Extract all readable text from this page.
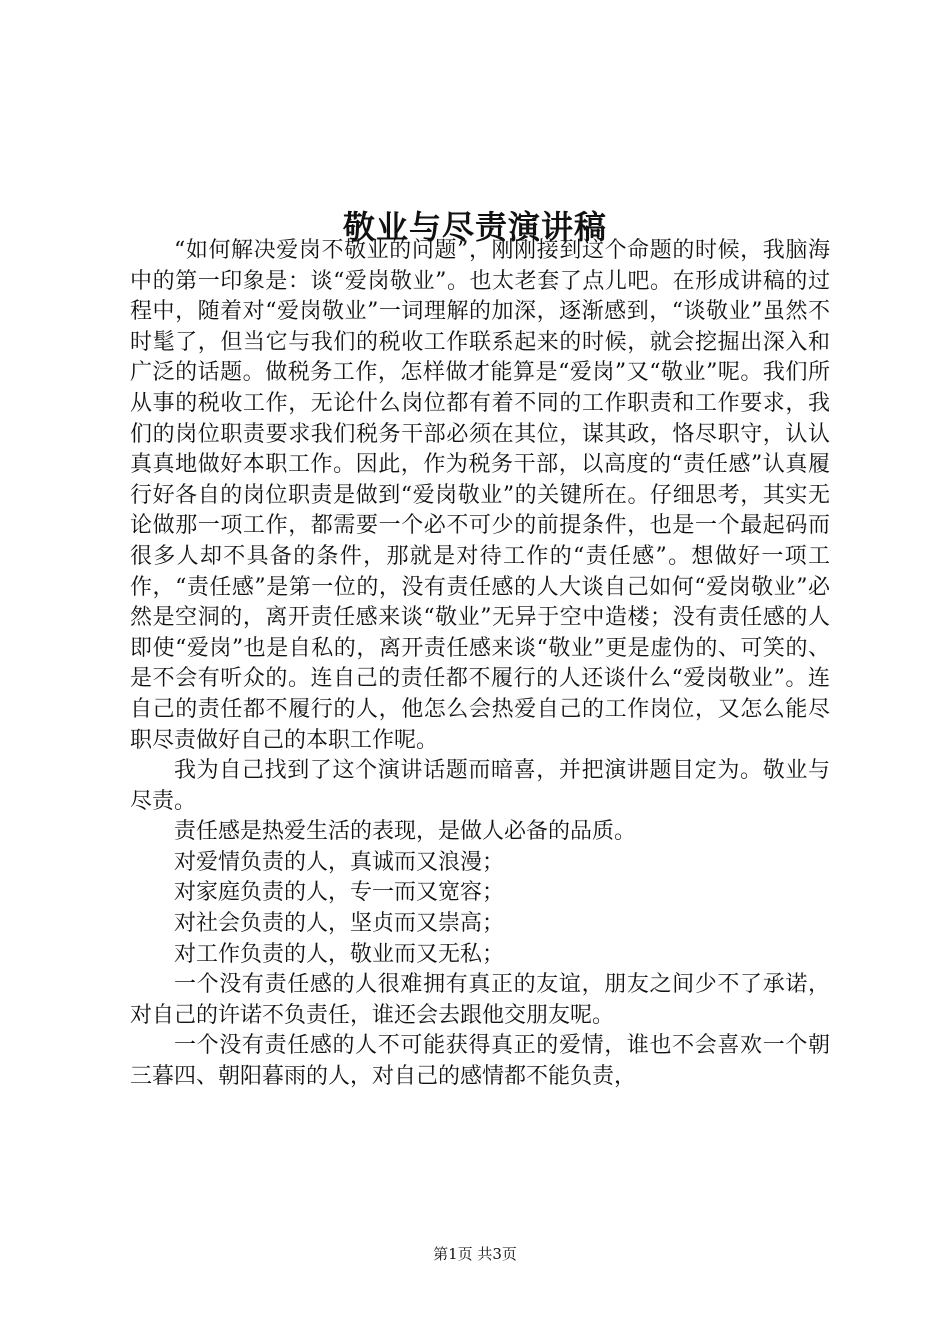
敬业与尽责演讲稿

“如何解决爱岗不敬业的问题”，刚刚接到这个命题的时候，我脑海中的第一印象是：谈“爱岗敬业”。也太老套了点儿吧。在形成讲稿的过程中，随着对“爱岗敬业”一词理解的加深，逐渐感到，“谈敬业”虽然不时髦了，但当它与我们的税收工作联系起来的时候，就会挖掘出深入和广泛的话题。做税务工作，怎样做才能算是“爱岗”又“敬业”呢。我们所从事的税收工作，无论什么岗位都有着不同的工作职责和工作要求，我们的岗位职责要求我们税务干部必须在其位，谋其政，恪尽职守，认认真真地做好本职工作。因此，作为税务干部，以高度的“责任感”认真履行好各自的岗位职责是做到“爱岗敬业”的关键所在。仔细思考，其实无论做那一项工作，都需要一个必不可少的前提条件，也是一个最起码而很多人却不具备的条件，那就是对待工作的“责任感”。想做好一项工作，“责任感”是第一位的，没有责任感的人大谈自己如何“爱岗敬业”必然是空洞的，离开责任感来谈“敬业”无异于空中造楼；没有责任感的人即使“爱岗”也是自私的，离开责任感来谈“敬业”更是虚伪的、可笑的、是不会有听众的。连自己的责任都不履行的人还谈什么“爱岗敬业”。连自己的责任都不履行的人，他怎么会热爱自己的工作岗位，又怎么能尽职尽责做好自己的本职工作呢。

我为自己找到了这个演讲话题而暗喜，并把演讲题目定为。敬业与尽责。

责任感是热爱生活的表现，是做人必备的品质。

对爱情负责的人，真诚而又浪漫；

对家庭负责的人，专一而又宽容；

对社会负责的人，坚贞而又崇高；

对工作负责的人，敬业而又无私；

一个没有责任感的人很难拥有真正的友谊，朋友之间少不了承诺，对自己的许诺不负责任，谁还会去跟他交朋友呢。

一个没有责任感的人不可能获得真正的爱情，谁也不会喜欢一个朝三暮四、朝阳暮雨的人，对自己的感情都不能负责，

第1页 共3页
